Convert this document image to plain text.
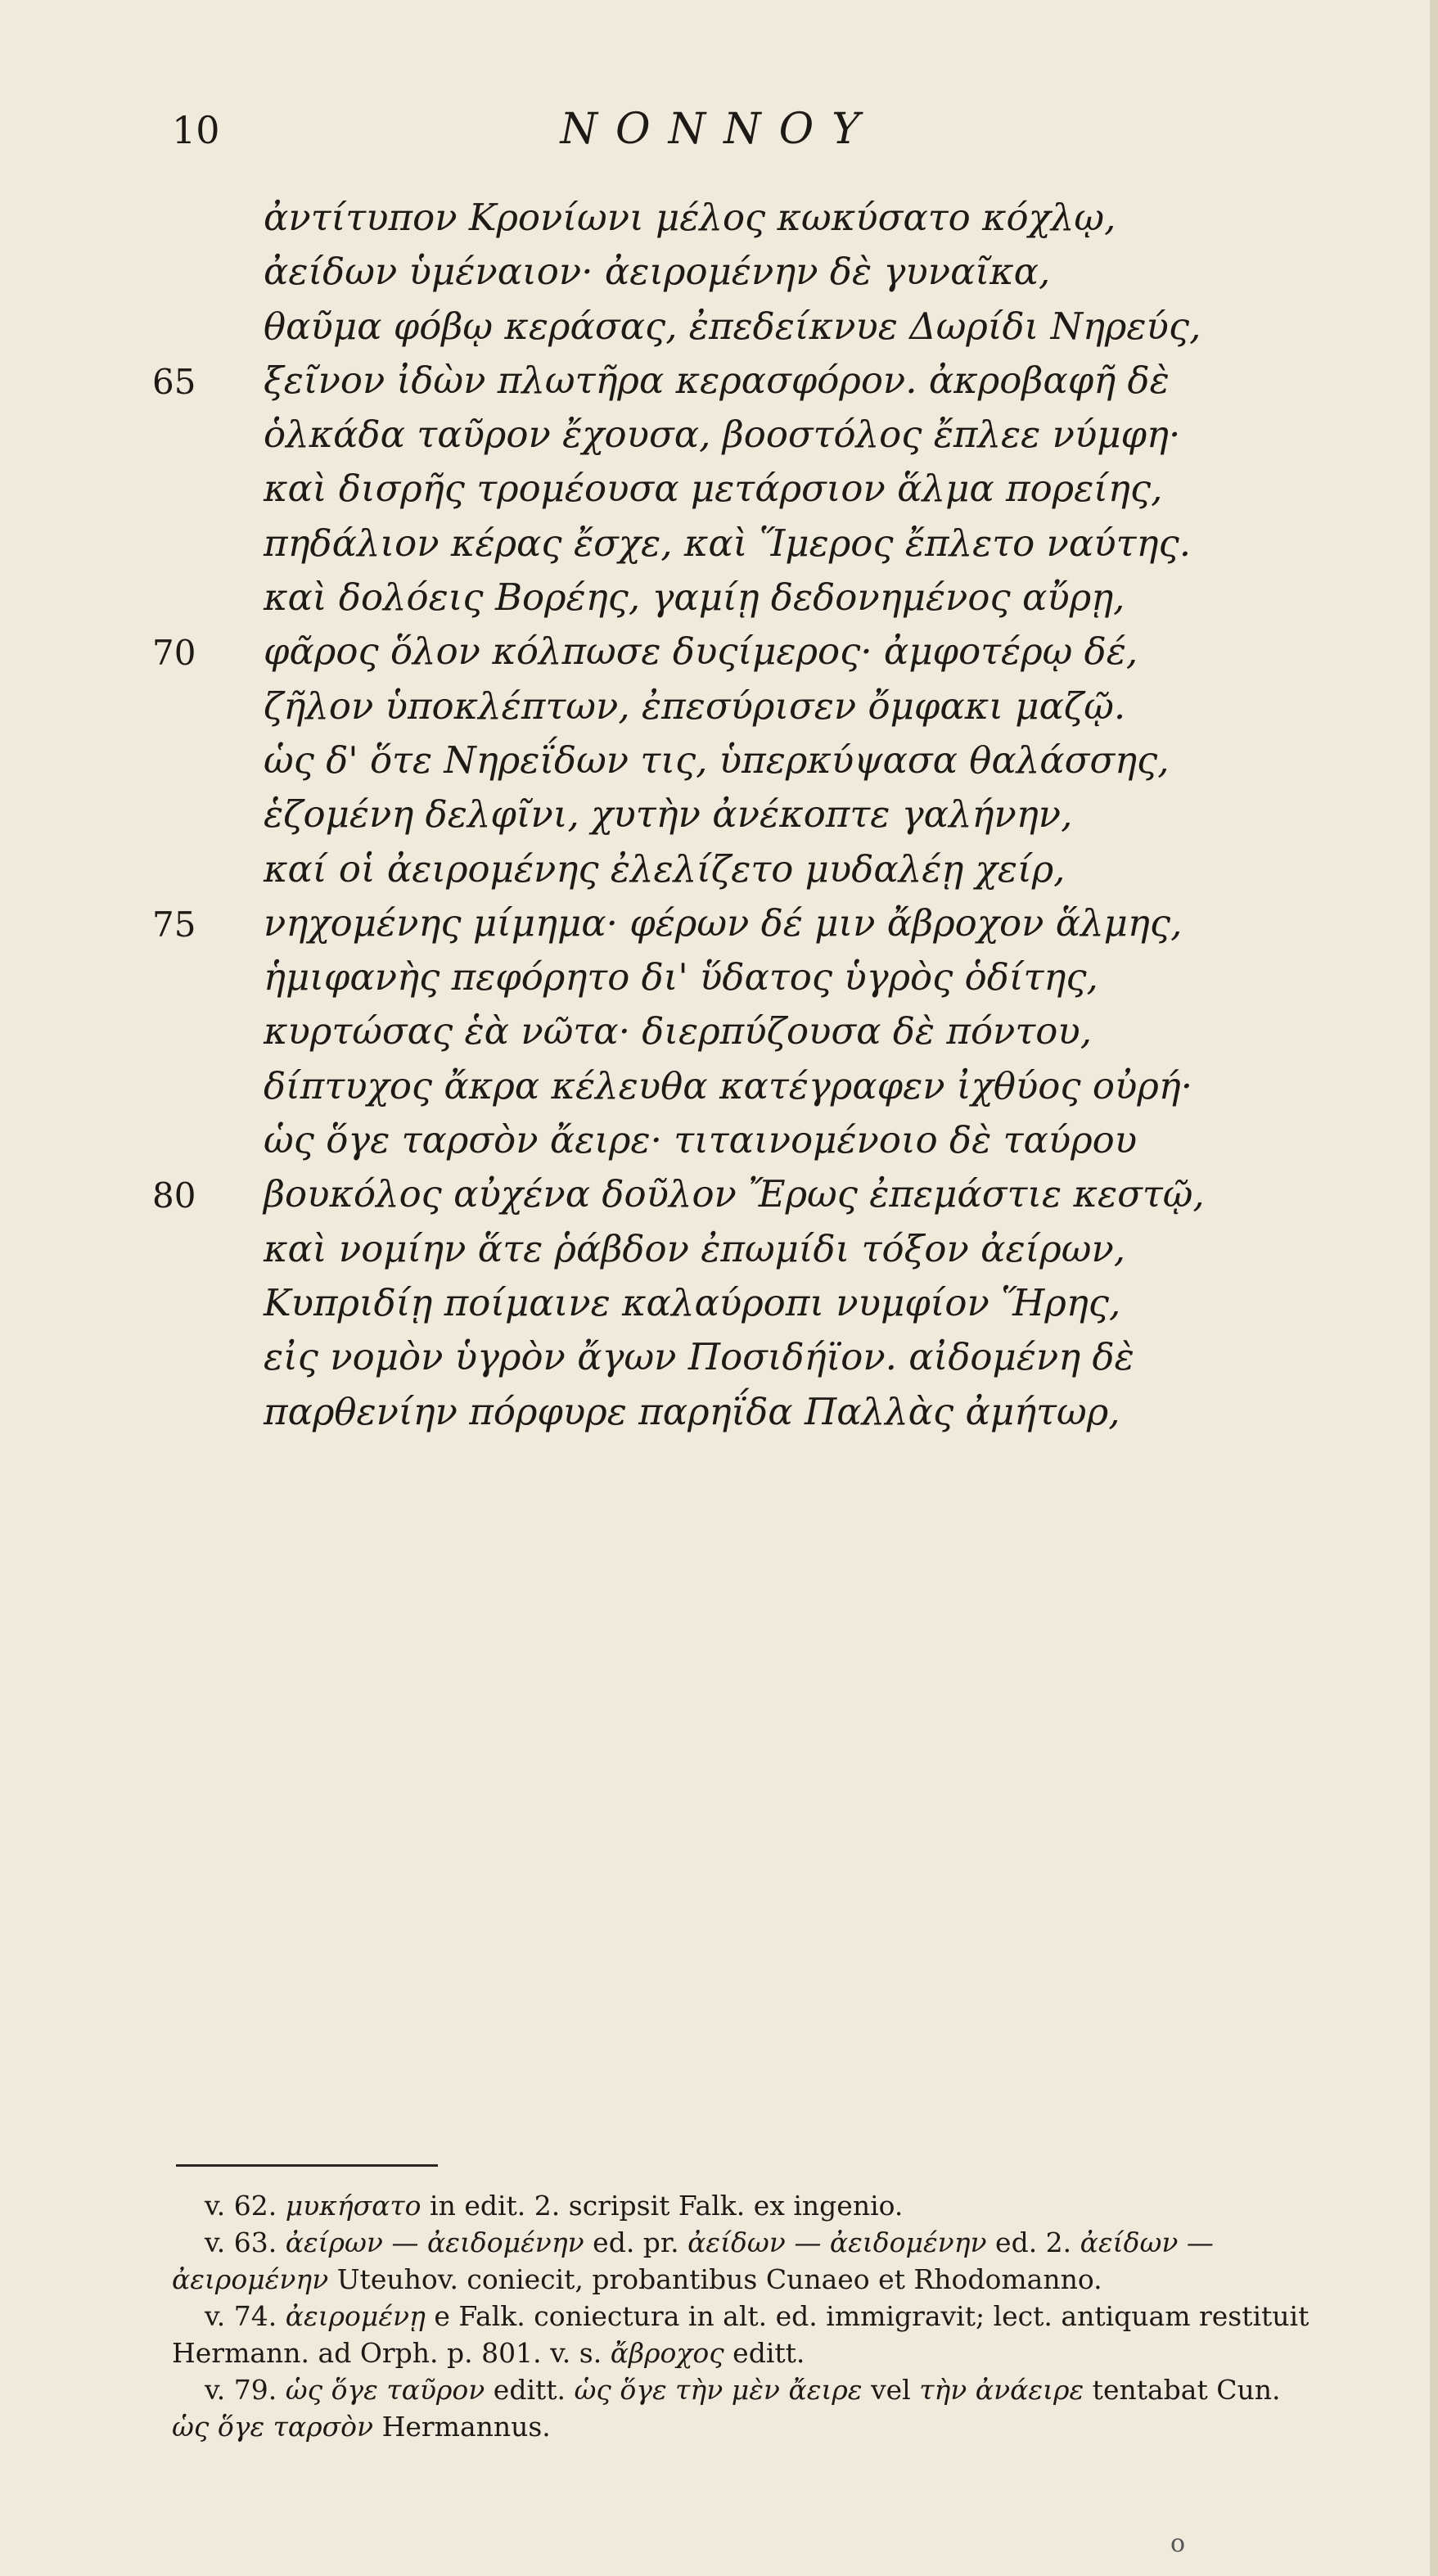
10	ΝΟΝΝΟΥ
ἀντίτυπον Κρονίωνι μέλος κωκύσατο κόχλῳ,
ἀείδων ὑμέναιον· ἀειρομένην δὲ γυναῖκα,
θαῦμα φόβῳ κεράσας, ἐπεδείκνυε Δωρίδι Νηρεύς,
65 ξεῖνον ἰδὼν πλωτῆρα κερασφόρον. ἀκροβαφῆ δὲ
ὁλκάδα ταῦρον ἔχουσα, βοοστόλος ἔπλεε νύμφη·
καὶ δισρῆς τρομέουσα μετάρσιον ἅλμα πορείης,
πηδάλιον κέρας ἔσχε, καὶ Ἵμερος ἔπλετο ναύτης.
καὶ δολόεις Βορέης, γαμίῃ δεδονημένος αὔρῃ,
70 φᾶρος ὅλον κόλπωσε δυςίμερος· ἀμφοτέρῳ δέ,
ζῆλον ὑποκλέπτων, ἐπεσύρισεν ὄμφακι μαζῷ.
ὡς δ' ὅτε Νηρεΐδων τις, ὑπερκύψασα θαλάσσης,
ἑζομένη δελφῖνι, χυτὴν ἀνέκοπτε γαλήνην,
καί οἱ ἀειρομένης ἐλελίζετο μυδαλέῃ χείρ,
75 νηχομένης μίμημα· φέρων δέ μιν ἄβροχον ἅλμης,
ἡμιφανὴς πεφόρητο δι' ὕδατος ὑγρὸς ὁδίτης,
κυρτώσας ἑὰ νῶτα· διερπύζουσα δὲ πόντου,
δίπτυχος ἄκρα κέλευθα κατέγραφεν ἰχθύος οὐρή·
ὡς ὅγε ταρσὸν ἄειρε· τιταινομένοιο δὲ ταύρου
80 βουκόλος αὐχένα δοῦλον Ἔρως ἐπεμάστιε κεστῷ,
καὶ νομίην ἅτε ῥάβδον ἐπωμίδι τόξον ἀείρων,
Κυπριδίῃ ποίμαινε καλαύροπι νυμφίον Ἥρης,
εἰς νομὸν ὑγρὸν ἄγων Ποσιδήϊον. αἰδομένη δὲ
παρθενίην πόρφυρε παρηΐδα Παλλὰς ἀμήτωρ,

v. 62. μυκήσατο in edit. 2. scripsit Falk. ex ingenio.

v. 63. ἀείρων — ἀειδομένην ed. pr. ἀείδων — ἀειδομένην ed. 2. ἀείδων — ἀειρομένην Uteuhov. coniecit, probantibus Cunaeo et Rhodomanno.

v. 74. ἀειρομένῃ e Falk. coniectura in alt. ed. immigravit; lect. antiquam restituit Hermann. ad Orph. p. 801. v. s. ἄβροχος editt.

v. 79. ὡς ὅγε ταῦρον editt. ὡς ὅγε τὴν μὲν ἄειρε vel τὴν ἀνάειρε tentabat Cun. ὡς ὅγε ταρσὸν Hermannus.

o
